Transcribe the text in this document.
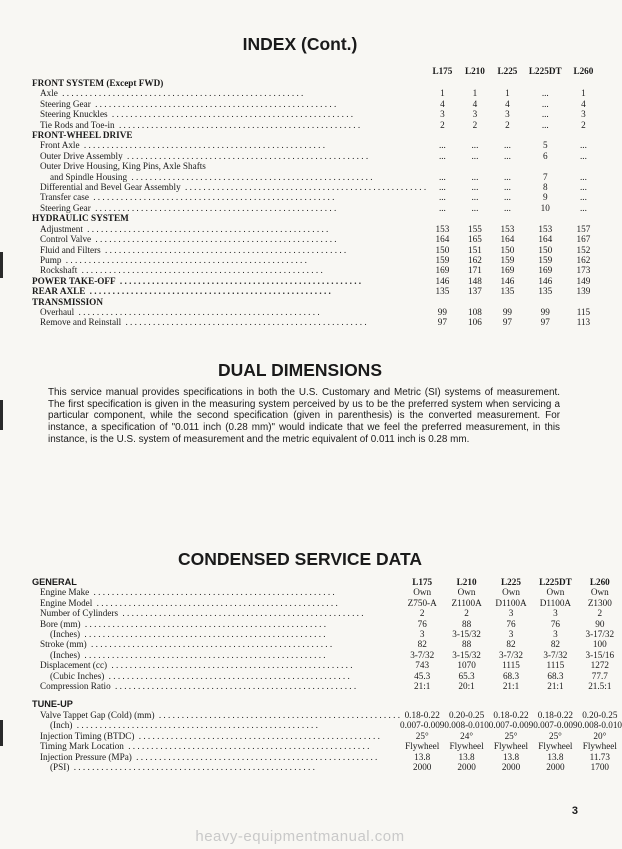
INDEX (Cont.)
	L175	L210	L225	L225DT	L260
FRONT SYSTEM (Except FWD)					
Axle . . . . . . . . . . . . . . . . . . . . . . . . . . . . . . . . . . . . . . . . . . . . . . . . . . . . .	1	1	1	...	1
Steering Gear . . . . . . . . . . . . . . . . . . . . . . . . . . . . . . . . . . . . . . . . . . . . . . . . . . . . .	4	4	4	...	4
Steering Knuckles . . . . . . . . . . . . . . . . . . . . . . . . . . . . . . . . . . . . . . . . . . . . . . . . . . . . .	3	3	3	...	3
Tie Rods and Toe-in . . . . . . . . . . . . . . . . . . . . . . . . . . . . . . . . . . . . . . . . . . . . . . . . . . . . .	2	2	2	...	2
FRONT-WHEEL DRIVE					
Front Axle . . . . . . . . . . . . . . . . . . . . . . . . . . . . . . . . . . . . . . . . . . . . . . . . . . . . .	...	...	...	5	...
Outer Drive Assembly . . . . . . . . . . . . . . . . . . . . . . . . . . . . . . . . . . . . . . . . . . . . . . . . . . . . .	...	...	...	6	...
Outer Drive Housing, King Pins, Axle Shafts					
and Spindle Housing . . . . . . . . . . . . . . . . . . . . . . . . . . . . . . . . . . . . . . . . . . . . . . . . . . . . .	...	...	...	7	...
Differential and Bevel Gear Assembly . . . . . . . . . . . . . . . . . . . . . . . . . . . . . . . . . . . . . . . . . . . . . . . . . . . . .	...	...	...	8	...
Transfer case . . . . . . . . . . . . . . . . . . . . . . . . . . . . . . . . . . . . . . . . . . . . . . . . . . . . .	...	...	...	9	...
Steering Gear . . . . . . . . . . . . . . . . . . . . . . . . . . . . . . . . . . . . . . . . . . . . . . . . . . . . .	...	...	...	10	...
HYDRAULIC SYSTEM					
Adjustment . . . . . . . . . . . . . . . . . . . . . . . . . . . . . . . . . . . . . . . . . . . . . . . . . . . . .	153	155	153	153	157
Control Valve . . . . . . . . . . . . . . . . . . . . . . . . . . . . . . . . . . . . . . . . . . . . . . . . . . . . .	164	165	164	164	167
Fluid and Filters . . . . . . . . . . . . . . . . . . . . . . . . . . . . . . . . . . . . . . . . . . . . . . . . . . . . .	150	151	150	150	152
Pump . . . . . . . . . . . . . . . . . . . . . . . . . . . . . . . . . . . . . . . . . . . . . . . . . . . . .	159	162	159	159	162
Rockshaft . . . . . . . . . . . . . . . . . . . . . . . . . . . . . . . . . . . . . . . . . . . . . . . . . . . . .	169	171	169	169	173
POWER TAKE-OFF . . . . . . . . . . . . . . . . . . . . . . . . . . . . . . . . . . . . . . . . . . . . . . . . . . . . .	146	148	146	146	149
REAR AXLE . . . . . . . . . . . . . . . . . . . . . . . . . . . . . . . . . . . . . . . . . . . . . . . . . . . . .	135	137	135	135	139
TRANSMISSION					
Overhaul . . . . . . . . . . . . . . . . . . . . . . . . . . . . . . . . . . . . . . . . . . . . . . . . . . . . .	99	108	99	99	115
Remove and Reinstall . . . . . . . . . . . . . . . . . . . . . . . . . . . . . . . . . . . . . . . . . . . . . . . . . . . . .	97	106	97	97	113
DUAL DIMENSIONS

This service manual provides specifications in both the U.S. Customary and Metric (SI) systems of measurement. The first specification is given in the measuring system perceived by us to be the preferred system when servicing a particular component, while the second specification (given in parenthesis) is the converted measurement. For instance, a specification of "0.011 inch (0.28 mm)" would indicate that we feel the preferred measurement, in this instance, is the U.S. system of measurement and the metric equivalent of 0.011 inch is 0.28 mm.

CONDENSED SERVICE DATA
GENERAL	L175	L210	L225	L225DT	L260
Engine Make . . . . . . . . . . . . . . . . . . . . . . . . . . . . . . . . . . . . . . . . . . . . . . . . . . . . .	Own	Own	Own	Own	Own
Engine Model . . . . . . . . . . . . . . . . . . . . . . . . . . . . . . . . . . . . . . . . . . . . . . . . . . . . .	Z750-A	Z1100A	D1100A	D1100A	Z1300
Number of Cylinders . . . . . . . . . . . . . . . . . . . . . . . . . . . . . . . . . . . . . . . . . . . . . . . . . . . . .	2	2	3	3	2
Bore (mm) . . . . . . . . . . . . . . . . . . . . . . . . . . . . . . . . . . . . . . . . . . . . . . . . . . . . .	76	88	76	76	90
(Inches) . . . . . . . . . . . . . . . . . . . . . . . . . . . . . . . . . . . . . . . . . . . . . . . . . . . . .	3	3-15/32	3	3	3-17/32
Stroke (mm) . . . . . . . . . . . . . . . . . . . . . . . . . . . . . . . . . . . . . . . . . . . . . . . . . . . . .	82	88	82	82	100
(Inches) . . . . . . . . . . . . . . . . . . . . . . . . . . . . . . . . . . . . . . . . . . . . . . . . . . . . .	3-7/32	3-15/32	3-7/32	3-7/32	3-15/16
Displacement (cc) . . . . . . . . . . . . . . . . . . . . . . . . . . . . . . . . . . . . . . . . . . . . . . . . . . . . .	743	1070	1115	1115	1272
(Cubic Inches) . . . . . . . . . . . . . . . . . . . . . . . . . . . . . . . . . . . . . . . . . . . . . . . . . . . . .	45.3	65.3	68.3	68.3	77.7
Compression Ratio . . . . . . . . . . . . . . . . . . . . . . . . . . . . . . . . . . . . . . . . . . . . . . . . . . . . .	21:1	20:1	21:1	21:1	21.5:1

TUNE-UP					
Valve Tappet Gap (Cold) (mm) . . . . . . . . . . . . . . . . . . . . . . . . . . . . . . . . . . . . . . . . . . . . . . . . . . . . .	0.18-0.22	0.20-0.25	0.18-0.22	0.18-0.22	0.20-0.25
(Inch) . . . . . . . . . . . . . . . . . . . . . . . . . . . . . . . . . . . . . . . . . . . . . . . . . . . . .	0.007-0.009	0.008-0.010	0.007-0.009	0.007-0.009	0.008-0.010
Injection Timing (BTDC) . . . . . . . . . . . . . . . . . . . . . . . . . . . . . . . . . . . . . . . . . . . . . . . . . . . . .	25°	24°	25°	25°	20°
Timing Mark Location . . . . . . . . . . . . . . . . . . . . . . . . . . . . . . . . . . . . . . . . . . . . . . . . . . . . .	Flywheel	Flywheel	Flywheel	Flywheel	Flywheel
Injection Pressure (MPa) . . . . . . . . . . . . . . . . . . . . . . . . . . . . . . . . . . . . . . . . . . . . . . . . . . . . .	13.8	13.8	13.8	13.8	11.73
(PSI) . . . . . . . . . . . . . . . . . . . . . . . . . . . . . . . . . . . . . . . . . . . . . . . . . . . . .	2000	2000	2000	2000	1700
3
heavy-equipmentmanual.com
